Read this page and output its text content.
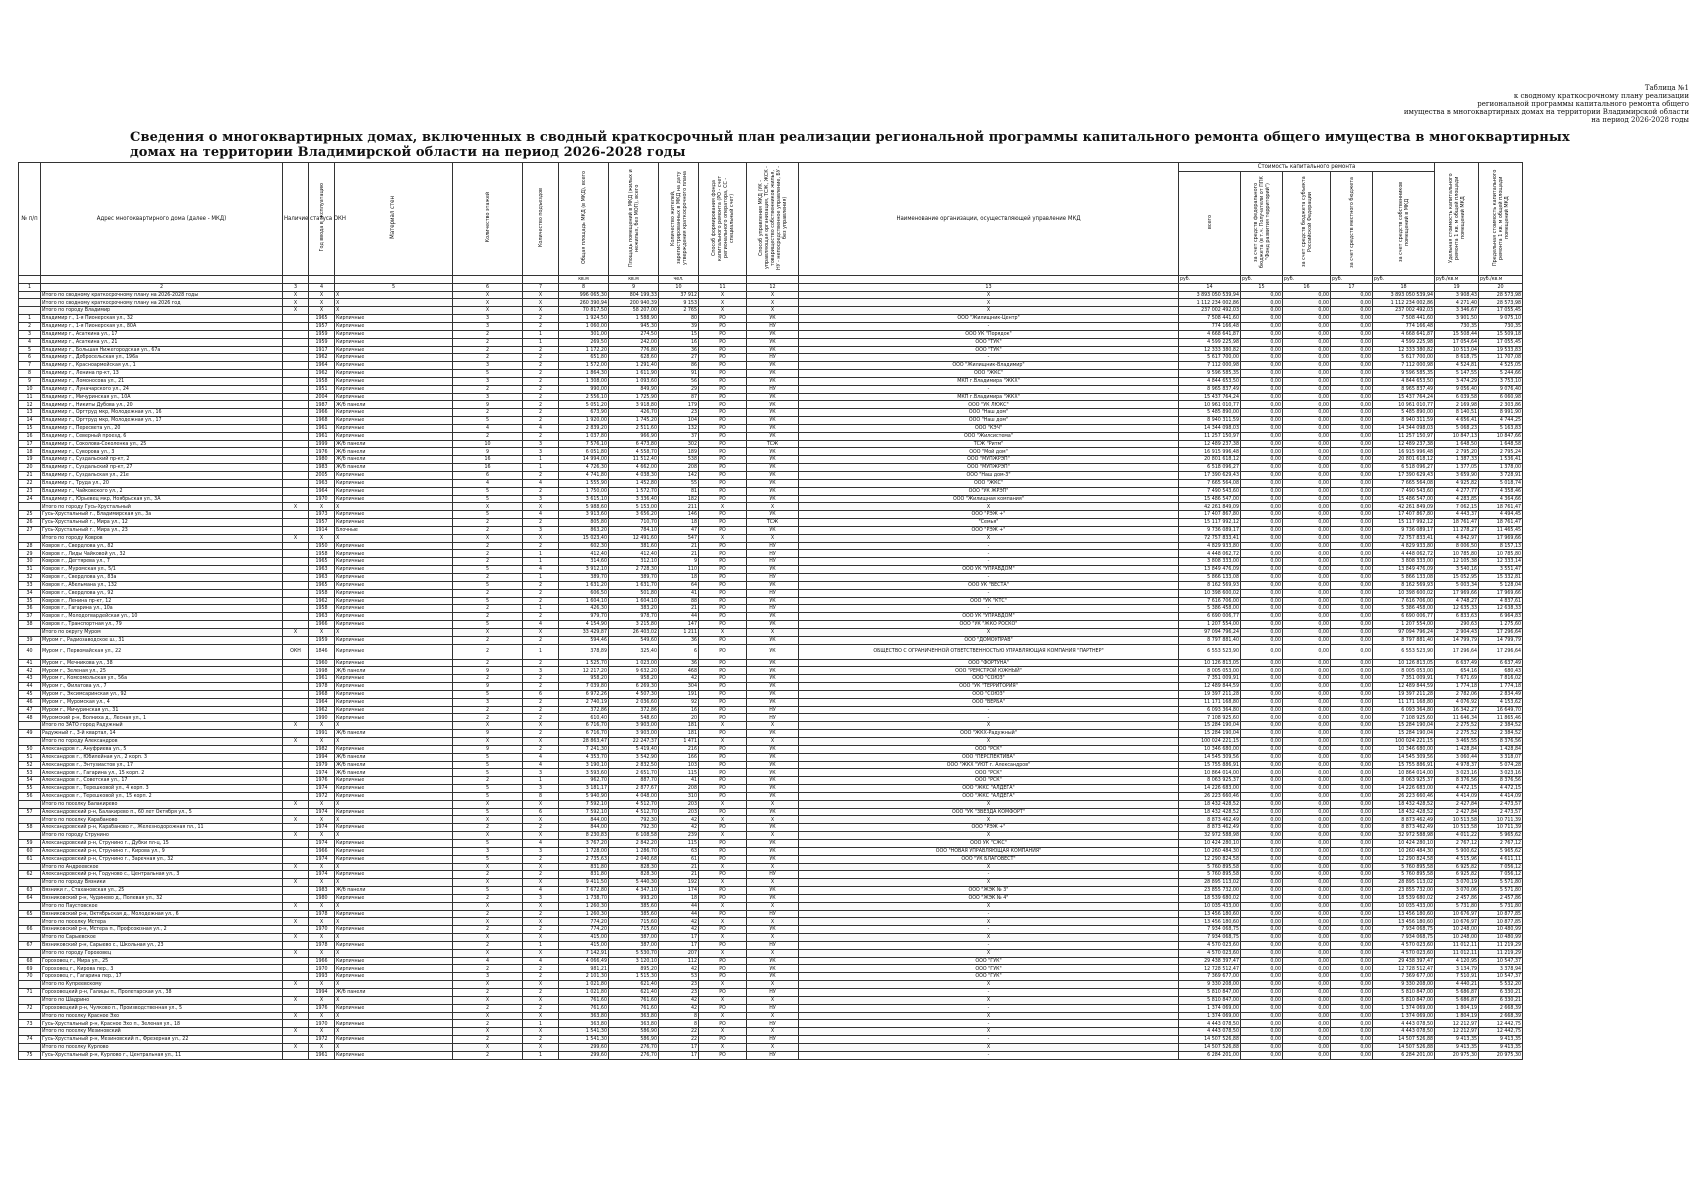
Таблица №1
к сводному краткосрочному плану реализации
региональной программы капитального ремонта общего
имущества в многоквартирных домах на территории Владимирской области
на период 2026-2028 годы
Сведения о многоквартирных домах, включенных в сводный краткосрочный план реализации региональной программы капитального ремонта общего имущества в многоквартирных домах на территории Владимирской области на период 2026-2028 годы
№ п/п	Адрес многоквартирного дома (далее - МКД)	Наличие статуса ОКН	Год ввода в эксплуатацию	Материал стен	Количество этажей	Количество подъездов	Общая площадь МКД (в МКД), всего	Площадь помещений в МКД (жилых и нежилых, без МОП), всего	Количество жителей, зарегистрированных в МКД на дату утверждения краткосрочного плана	Способ формирования фонда капитального ремонта (РО - счет регионального оператора, СС - специальный счет)	Способ управления МКД (УК - управляющая организация, ТСЖ, ЖСК - товарищество собственников жилья, НУ - непосредственное управление, БУ - без управления)	Наименование организации, осуществляющей управление МКД	Стоимость капитального ремонта					Удельная стоимость капитального ремонта 1 кв. м общей площади помещений МКД	Предельная стоимость капитального ремонта 1 кв. м общей площади помещений МКД
													всего	за счет средств федерального бюджета (в т.ч. Получатели от ППК "Фонд развития территорий")	за счет средств бюджета субъекта Российской Федерации	за счет средств местного бюджета	за счет средств собственников помещений в МКД		
							кв.м	кв.м	чел.				руб.	руб.	руб.	руб.	руб.	руб./кв.м	руб./кв.м
1	2	3	4	5	6	7	8	9	10	11	12	13	14	15	16	17	18	19	20
	Итого по сводному краткосрочному плану на 2026-2028 годы	X	X	X	X	X	996 065,30	804 199,33	37 912	X	X	X	3 893 050 539,94	0,00	0,00	0,00	3 893 050 539,94	3 908,43	28 573,98
	Итого по сводному краткосрочному плану на 2026 год	X	X	X	X	X	260 390,94	200 940,39	9 153	X	X	X	1 112 234 002,86	0,00	0,00	0,00	1 112 234 002,86	4 271,40	28 573,98
	Итого по городу Владимир	X	X	X	X	X	70 817,50	58 207,00	2 765	X	X	X	237 002 492,03	0,00	0,00	0,00	237 002 492,03	3 346,67	17 055,45
1	Владимир г., 1-я Пионерская ул., 32		1965	Кирпичные	3	2	1 924,50	1 588,90	80	РО	УК	ООО "Жилищник-Центр"	7 508 441,60	0,00	0,00	0,00	7 508 441,60	3 901,50	9 075,10
2	Владимир г., 1-я Пионерская ул., 80А		1957	Кирпичные	3	2	1 060,00	945,30	39	РО	НУ	-	774 166,48	0,00	0,00	0,00	774 166,48	730,35	730,35
3	Владимир г., Асаткина ул., 17		1959	Кирпичные	2	1	301,00	274,50	15	РО	УК	ООО УК "Порядок"	4 668 641,87	0,00	0,00	0,00	4 668 641,87	15 508,44	15 509,18
4	Владимир г., Асаткина ул., 21		1959	Кирпичные	2	1	269,50	242,00	16	РО	УК	ООО "ТУК"	4 599 225,98	0,00	0,00	0,00	4 599 225,98	17 054,64	17 055,45
5	Владимир г., Большая Нижегородская ул., 67а		1917	Кирпичные	2	2	1 172,20	776,80	36	РО	УК	ООО "ТУК"	12 333 380,82	0,00	0,00	0,00	12 333 380,82	10 513,04	19 533,83
6	Владимир г., Добросельская ул., 196а		1962	Кирпичные	2	2	651,80	628,60	27	РО	НУ	-	5 617 700,00	0,00	0,00	0,00	5 617 700,00	8 618,75	11 707,08
7	Владимир г., Красноармейская ул., 1		1964	Кирпичные	3	2	1 572,00	1 291,40	86	РО	УК	ООО "Жилищник-Владимир"	7 112 000,98	0,00	0,00	0,00	7 112 000,98	4 524,81	4 525,05
8	Владимир г., Ленина пр-кт, 13		1962	Кирпичные	5	2	1 864,30	1 611,90	91	РО	УК	ООО "ЖКС"	9 596 585,35	0,00	0,00	0,00	9 596 585,35	5 147,55	5 244,66
9	Владимир г., Ломоносова ул., 21		1958	Кирпичные	3	2	1 308,00	1 093,60	56	РО	УК	МКП г.Владимира "ЖКХ"	4 844 653,50	0,00	0,00	0,00	4 844 653,50	3 474,29	3 753,10
10	Владимир г., Луначарского ул., 24		1951	Кирпичные	2	2	990,00	849,90	29	РО	НУ	-	8 965 837,49	0,00	0,00	0,00	8 965 837,49	9 056,40	9 076,40
11	Владимир г., Мичуринская ул., 10А		2004	Кирпичные	3	2	2 556,10	1 725,90	87	РО	УК	МКП г.Владимира "ЖКХ"	15 437 764,24	0,00	0,00	0,00	15 437 764,24	6 039,58	6 060,98
12	Владимир г., Никиты Дубова ул., 20		1987	Ж/б панели	9	2	5 051,20	3 918,80	179	РО	УК	ООО "УК ЛЮКС"	10 961 010,77	0,00	0,00	0,00	10 961 010,77	2 169,98	2 303,86
13	Владимир г., Оргтруд мкр, Молодежная ул., 16		1966	Кирпичные	2	2	673,90	426,70	23	РО	УК	ООО "Наш дом"	5 485 890,00	0,00	0,00	0,00	5 485 890,00	8 140,51	8 991,90
14	Владимир г., Оргтруд мкр, Молодежная ул., 17		1968	Кирпичные	5	2	1 920,00	1 745,20	104	РО	УК	ООО "Наш дом"	8 940 311,59	0,00	0,00	0,00	8 940 311,59	4 656,41	4 744,25
15	Владимир г., Пересвета ул., 20		1961	Кирпичные	4	4	2 839,20	2 511,60	132	РО	УК	ООО "КЭЧ"	14 344 098,03	0,00	0,00	0,00	14 344 098,03	5 068,23	5 163,83
16	Владимир г., Северный проезд, 6		1961	Кирпичные	2	2	1 037,80	966,90	37	РО	УК	ООО "Жилсистема"	11 257 150,97	0,00	0,00	0,00	11 257 150,97	10 847,13	10 847,66
17	Владимир г., Соколова-Соколенка ул., 25		1999	Ж/б панели	10	3	7 576,10	6 473,80	302	РО	ТСЖ	ТСЖ "Ритм"	12 489 237,38	0,00	0,00	0,00	12 489 237,38	1 648,50	1 648,58
18	Владимир г., Суворова ул., 3		1976	Ж/б панели	9	3	6 051,80	4 558,70	189	РО	УК	ООО "Мой дом"	16 915 996,48	0,00	0,00	0,00	16 915 996,48	2 795,20	2 795,24
19	Владимир г., Суздальский пр-кт, 2		1980	Ж/б панели	16	1	14 994,00	11 512,40	538	РО	УК	ООО "МУПЖРЭП"	20 801 618,12	0,00	0,00	0,00	20 801 618,12	1 387,33	1 536,41
20	Владимир г., Суздальский пр-кт, 27		1983	Ж/б панели	16	1	4 726,30	4 662,00	208	РО	УК	ООО "МУПЖРЭП"	6 518 096,27	0,00	0,00	0,00	6 518 096,27	1 377,05	1 378,00
21	Владимир г., Суздальская ул., 21е		2005	Кирпичные	6	2	4 741,80	4 038,30	142	РО	УК	ООО "Наш дом-3"	17 390 629,43	0,00	0,00	0,00	17 390 629,43	3 659,90	3 728,91
22	Владимир г., Труда ул., 20		1963	Кирпичные	4	4	1 555,90	1 452,80	55	РО	УК	ООО "ЖКС"	7 665 564,08	0,00	0,00	0,00	7 665 564,08	4 925,82	5 018,74
23	Владимир г., Чайковского ул., 2		1964	Кирпичные	5	2	1 750,00	1 572,70	81	РО	УК	ООО "УК ЖРЭП"	7 490 543,60	0,00	0,00	0,00	7 490 543,60	4 277,77	4 358,46
24	Владимир г., Юрьевец мкр, Ноябрьская ул., 3А		1970	Кирпичные	5	3	3 615,10	3 336,40	182	РО	УК	ООО "Жилищная компания"	15 486 547,00	0,00	0,00	0,00	15 486 547,00	4 283,85	4 364,66
	Итого по городу Гусь-Хрустальный	X	X	X	X	X	5 988,60	5 153,00	211	X	X	X	42 261 849,09	0,00	0,00	0,00	42 261 849,09	7 062,15	18 761,47
25	Гусь-Хрустальный г., Владимирская ул., 3а		1973	Кирпичные	5	4	3 913,60	3 656,20	146	РО	УК	ООО "РЭЖ +"	17 407 867,80	0,00	0,00	0,00	17 407 867,80	4 443,37	4 494,45
26	Гусь-Хрустальный г., Мира ул., 12		1957	Кирпичные	2	2	805,80	710,70	18	РО	ТСЖ	"Семья"	15 117 992,12	0,00	0,00	0,00	15 117 992,12	18 761,47	18 761,47
27	Гусь-Хрустальный г., Мира ул., 23		1914	Блочные	2	3	863,20	784,10	47	РО	УК	ООО "РЭЖ +"	9 736 089,17	0,00	0,00	0,00	9 736 089,17	11 278,27	11 465,45
	Итого по городу Ковров	X	X	X	X	X	15 023,40	12 491,60	547	X	X	X	72 757 833,41	0,00	0,00	0,00	72 757 833,41	4 842,97	17 969,66
28	Ковров г., Свердлова ул., 82		1950	Кирпичные	2	2	602,30	381,60	21	РО	НУ	-	4 829 933,80	0,00	0,00	0,00	4 829 933,80	8 006,50	8 157,13
29	Ковров г., Лиды Чайковой ул., 32		1958	Кирпичные	2	1	412,40	412,40	21	РО	НУ	-	4 448 062,72	0,00	0,00	0,00	4 448 062,72	10 785,80	10 785,80
30	Ковров г., Дегтярева ул., 7		1965	Кирпичные	2	1	314,60	312,10	9	РО	НУ	-	3 808 333,00	0,00	0,00	0,00	3 808 333,00	12 105,38	12 333,14
31	Ковров г., Муромская ул., 5/1		1963	Кирпичные	5	4	3 912,10	2 728,30	110	РО	УК	ООО УК "УПРАВДОМ"	13 849 476,09	0,00	0,00	0,00	13 849 476,09	3 540,16	3 551,47
32	Ковров г., Свердлова ул., 83а		1963	Кирпичные	2	1	389,70	389,70	18	РО	НУ	-	5 866 133,08	0,00	0,00	0,00	5 866 133,08	15 052,95	15 332,81
33	Ковров г., Абельмана ул., 132		1965	Кирпичные	5	2	1 631,20	1 631,70	64	РО	УК	ООО УК "ВЕСТА"	8 162 569,93	0,00	0,00	0,00	8 162 569,93	5 003,34	5 128,04
34	Ковров г., Свердлова ул., 92		1958	Кирпичные	2	2	606,50	501,80	41	РО	НУ	-	10 398 600,02	0,00	0,00	0,00	10 398 600,02	17 969,66	17 969,66
35	Ковров г., Ленина пр-кт, 12		1962	Кирпичные	5	2	1 604,10	1 604,10	88	РО	УК	ООО "УК "КТС"	7 616 706,00	0,00	0,00	0,00	7 616 706,00	4 748,27	4 837,61
36	Ковров г., Гагарина ул., 10а		1958	Кирпичные	2	1	426,30	383,20	21	РО	НУ	-	5 386 458,00	0,00	0,00	0,00	5 386 458,00	12 635,33	12 638,33
37	Ковров г., Молодогвардейская ул., 10		1963	Кирпичные	2	2	979,70	978,70	44	РО	УК	ООО УК "УПРАВДОМ"	6 690 006,77	0,00	0,00	0,00	6 690 006,77	6 833,63	6 964,83
38	Ковров г., Транспортная ул., 79		1966	Кирпичные	5	4	4 154,90	3 215,80	147	РО	УК	ООО "УК "ЖКО РОСКО"	1 207 554,00	0,00	0,00	0,00	1 207 554,00	290,63	1 275,60
	Итого по округу Муром	X	X	X	X	X	33 429,87	26 403,02	1 211	X	X	X	97 094 796,24	0,00	0,00	0,00	97 094 796,24	2 904,43	17 296,64
39	Муром г., Радиозаводское ш., 31		1959	Кирпичные	2	2	594,46	549,60	36	РО	УК	ООО "ДОМОУПРАВ"	8 797 881,40	0,00	0,00	0,00	8 797 881,40	14 799,79	14 799,79
40	Муром г., Первомайская ул., 22	ОКН	1846	Кирпичные	2	1	378,89	325,40	6	РО	УК	ОБЩЕСТВО С ОГРАНИЧЕННОЙ ОТВЕТСТВЕННОСТЬЮ УПРАВЛЯЮЩАЯ КОМПАНИЯ "ПАРТНЕР"	6 553 523,90	0,00	0,00	0,00	6 553 523,90	17 296,64	17 296,64
41	Муром г., Мечникова ул., 38		1960	Кирпичные	2	2	1 525,70	1 023,00	36	РО	УК	ООО "ФОРТУНА"	10 126 813,05	0,00	0,00	0,00	10 126 813,05	6 637,49	6 637,49
42	Муром г., Зеленая ул., 25		1998	Ж/б панели	9	3	12 217,20	9 632,20	468	РО	УК	ООО "РЕМСТРОЙ ЮЖНЫЙ"	8 005 053,00	0,00	0,00	0,00	8 005 053,00	654,16	680,43
43	Муром г., Комсомольская ул., 56а		1961	Кирпичные	2	2	958,20	958,20	42	РО	УК	ООО "СОЮЗ"	7 351 009,91	0,00	0,00	0,00	7 351 009,91	7 671,69	7 816,02
44	Муром г., Филатова ул., 7		1978	Кирпичные	9	2	7 039,80	6 269,30	304	РО	УК	ООО "УК "ТЕРРИТОРИЯ"	12 489 844,59	0,00	0,00	0,00	12 489 844,59	1 774,18	1 774,18
45	Муром г., Эксимсаринская ул., 92		1968	Кирпичные	5	6	6 972,26	4 507,30	191	РО	УК	ООО "СОЮЗ"	19 397 211,28	0,00	0,00	0,00	19 397 211,28	2 782,06	2 834,49
46	Муром г., Муромская ул., 4		1964	Кирпичные	3	2	2 740,19	2 036,60	92	РО	УК	ООО "ВЕРБА"	11 171 168,80	0,00	0,00	0,00	11 171 168,80	4 076,92	4 153,62
47	Муром г., Мичуринская ул., 31		1962	Кирпичные	2	2	372,86	372,86	16	РО	НУ	-	6 093 364,80	0,00	0,00	0,00	6 093 364,80	16 342,27	16 649,70
48	Муромский р-н, Волниха д., Лесная ул., 1		1990	Кирпичные	2	2	610,40	548,60	20	РО	НУ	-	7 108 925,60	0,00	0,00	0,00	7 108 925,60	11 646,34	11 865,46
	Итого по ЗАТО город Радужный	X	X	X	X	X	6 716,70	3 903,00	181	X	X	X	15 284 190,04	0,00	0,00	0,00	15 284 190,04	2 275,52	2 384,52
49	Радужный г., 3-й квартал, 14		1991	Ж/б панели	9	2	6 716,70	3 903,00	181	РО	УК	ООО "ЖКХ-Радужный"	15 284 190,04	0,00	0,00	0,00	15 284 190,04	2 275,52	2 384,52
	Итого по городу Александров	X	X	X	X	X	28 863,47	22 247,37	1 471	X	X	X	100 024 221,15	0,00	0,00	0,00	100 024 221,15	3 465,55	8 376,56
50	Александров г., Ануфриева ул., 5		1982	Кирпичные	9	2	7 241,30	5 419,40	216	РО	УК	ООО "РСК"	10 346 680,00	0,00	0,00	0,00	10 346 680,00	1 428,84	1 428,84
51	Александров г., Юбилейная ул., 2 корп. 3		1994	Ж/б панели	5	4	4 353,70	3 542,90	166	РО	УК	ООО "ПЕРСПЕКТИВА"	14 545 309,56	0,00	0,00	0,00	14 545 309,56	3 060,44	3 318,07
52	Александров г., Энтузиастов ул., 17		1979	Ж/б панели	5	4	3 190,10	2 832,50	103	РО	УК	ООО "ЖКХ "УЮТ г. Александров"	15 755 886,91	0,00	0,00	0,00	15 755 886,91	4 978,37	5 074,28
53	Александров г., Гагарина ул., 15 корп. 2		1974	Ж/б панели	5	3	3 593,60	2 651,70	115	РО	УК	ООО "РСК"	10 864 014,00	0,00	0,00	0,00	10 864 014,00	3 023,16	3 023,16
54	Александров г., Советская ул., 17		1976	Кирпичные	2	1	962,70	887,70	41	РО	УК	ООО "РСК"	8 063 925,37	0,00	0,00	0,00	8 063 925,37	8 376,56	8 376,56
55	Александров г., Терешковой ул., 4 корп. 3		1974	Кирпичные	5	3	3 181,17	2 877,67	208	РО	УК	ООО "ЖКС "АЛДЕГА"	14 226 683,00	0,00	0,00	0,00	14 226 683,00	4 472,15	4 472,15
56	Александров г., Терешковой ул., 15 корп. 2		1972	Кирпичные	5	8	5 940,90	4 048,00	310	РО	УК	ООО "ЖКС "АЛДЕГА"	26 223 660,46	0,00	0,00	0,00	26 223 660,46	4 414,09	4 414,09
	Итого по поселку Балакирево	X	X	X	X	X	7 592,10	4 512,70	203	X	X	X	18 432 428,52	0,00	0,00	0,00	18 432 428,52	2 427,84	2 473,57
57	Александровский р-н, Балакирево п., 60 лет Октября ул., 5		1974	Кирпичные	5	6	7 592,10	4 512,70	203	РО	УК	ООО "УК "ЗВЕЗДА КОМФОРТ"	18 432 428,52	0,00	0,00	0,00	18 432 428,52	2 427,84	2 473,57
	Итого по поселку Карабаново	X	X	X	X	X	844,00	792,30	42	X	X	X	8 873 462,49	0,00	0,00	0,00	8 873 462,49	10 513,58	10 711,39
58	Александровский р-н, Карабаново г., Железнодорожная пл., 11		1974	Кирпичные	2	2	844,00	792,30	42	РО	УК	ООО "РЭЖ +"	8 873 462,49	0,00	0,00	0,00	8 873 462,49	10 513,58	10 711,39
	Итого по городу Струнино	X	X	X	X	X	8 230,83	6 108,58	239	X	X	X	32 972 588,98	0,00	0,00	0,00	32 972 588,98	4 011,22	5 965,62
59	Александровский р-н, Струнино г., Дубки пл-ц, 15		1974	Кирпичные	5	4	3 767,20	2 842,20	115	РО	УК	ООО УК "СЖС"	10 424 280,10	0,00	0,00	0,00	10 424 280,10	2 767,12	2 767,12
60	Александровский р-н, Струнино г., Кирова ул., 9		1966	Кирпичные	3	3	1 728,00	1 286,70	63	РО	УК	ООО "НОВАЯ УПРАВЛЯЮЩАЯ КОМПАНИЯ"	10 260 484,30	0,00	0,00	0,00	10 260 484,30	5 900,62	5 965,62
61	Александровский р-н, Струнино г., Заречная ул., 32		1974	Кирпичные	5	2	2 735,63	2 040,68	61	РО	УК	ООО "УК БЛАГОВЕСТ"	12 290 824,58	0,00	0,00	0,00	12 290 824,58	4 515,96	4 611,11
	Итого по Андреевское	X	X	X	X	X	831,80	828,30	21	X	X	X	5 760 895,58	0,00	0,00	0,00	5 760 895,58	6 925,82	7 056,12
62	Александровский р-н, Годуново с., Центральная ул., 3		1974	Кирпичные	2	2	831,80	828,30	21	РО	НУ	-	5 760 895,58	0,00	0,00	0,00	5 760 895,58	6 925,82	7 056,12
	Итого по городу Вязники	X	X	X	X	X	9 411,50	5 440,30	192	X	X	X	28 895 113,02	0,00	0,00	0,00	28 895 113,02	3 070,19	5 571,80
63	Вязники г., Стахановская ул., 25		1983	Ж/б панели	5	4	7 672,80	4 347,10	174	РО	УК	ООО "ЖЭК № 3"	23 855 732,00	0,00	0,00	0,00	23 855 732,00	3 070,06	5 571,80
64	Вязниковский р-н, Чудинево д., Полевая ул., 32		1980	Кирпичные	2	3	1 738,70	993,20	18	РО	УК	ООО "ЖЭК № 4"	18 539 680,02	0,00	0,00	0,00	18 539 680,02	2 457,86	2 457,86
	Итого по Паустовское	X	X	X	X	X	1 260,30	385,60	44	X	X	X	10 035 433,00	0,00	0,00	0,00	10 035 433,00	5 731,80	5 731,80
65	Вязниковский р-н, Октябрьская д., Молодежная ул., 6		1978	Кирпичные	2	2	1 260,30	385,60	44	РО	НУ	-	13 456 180,60	0,00	0,00	0,00	13 456 180,60	10 676,97	10 877,85
	Итого по поселку Мстера	X	X	X	X	X	774,20	715,60	42	X	X	X	13 456 180,60	0,00	0,00	0,00	13 456 180,60	10 676,97	10 877,85
66	Вязниковский р-н, Мстера п., Профсоюзная ул., 2		1970	Кирпичные	2	2	774,20	715,60	42	РО	УК	-	7 934 068,75	0,00	0,00	0,00	7 934 068,75	10 248,00	10 480,99
	Итого по Сарыевское	X	X	X	X	X	415,00	387,00	17	X	X	X	7 934 068,75	0,00	0,00	0,00	7 934 068,75	10 248,00	10 480,99
67	Вязниковский р-н, Сарыево с., Школьная ул., 23		1978	Кирпичные	2	1	415,00	387,00	17	РО	НУ	-	4 570 023,60	0,00	0,00	0,00	4 570 023,60	11 012,11	11 219,29
	Итого по городу Гороховец	X	X	X	X	X	7 142,91	5 530,70	207	X	X	X	4 570 023,60	0,00	0,00	0,00	4 570 023,60	11 012,11	11 219,29
68	Гороховец г., Мира ул., 25		1966	Кирпичные	4	4	4 066,49	3 120,10	112	РО	УК	ООО "ГУК"	29 438 397,47	0,00	0,00	0,00	29 438 397,47	4 120,95	10 547,37
69	Гороховец г., Кирова пер., 3		1970	Кирпичные	2	2	981,21	895,20	42	РО	УК	ООО "ГУК"	12 728 512,47	0,00	0,00	0,00	12 728 512,47	3 134,79	3 378,94
70	Гороховец г., Гагарина пер., 17		1993	Кирпичные	3	2	2 101,30	1 515,30	53	РО	УК	ООО "ГУК"	7 369 677,00	0,00	0,00	0,00	7 369 677,00	7 510,91	10 547,37
	Итого по Купреевскому	X	X	X	X	X	1 021,80	621,40	23	X	X	X	9 330 208,00	0,00	0,00	0,00	9 330 208,00	4 440,21	5 532,20
71	Гороховецкий р-н, Галицы п., Пролетарская ул., 38		1994	Ж/б панели	2	2	1 021,80	621,40	23	РО	НУ	-	5 810 847,00	0,00	0,00	0,00	5 810 847,00	5 686,87	6 330,21
	Итого по Шадрино	X	X	X	X	X	761,60	761,60	42	X	X	X	5 810 847,00	0,00	0,00	0,00	5 810 847,00	5 686,87	6 330,21
72	Гороховецкий р-н, Чулково п., Производственная ул., 5		1976	Кирпичные	2	2	761,60	761,60	42	РО	НУ	-	1 374 069,00	0,00	0,00	0,00	1 374 069,00	1 804,19	2 668,39
	Итого по поселку Красное Эхо	X	X	X	X	X	363,80	363,80	8	X	X	X	1 374 069,00	0,00	0,00	0,00	1 374 069,00	1 804,19	2 668,39
73	Гусь-Хрустальный р-н, Красное Эхо п., Зеленая ул., 18		1970	Кирпичные	2	1	363,80	363,80	8	РО	НУ	-	4 443 078,50	0,00	0,00	0,00	4 443 078,50	12 212,97	12 442,75
	Итого по поселку Мезиновский	X	X	X	X	X	1 541,30	586,90	22	X	X	X	4 443 078,50	0,00	0,00	0,00	4 443 078,50	12 212,97	12 442,75
74	Гусь-Хрустальный р-н, Мезиновский п., Фрезерная ул., 22		1972	Кирпичные	2	2	1 541,30	586,90	22	РО	НУ	-	14 507 526,88	0,00	0,00	0,00	14 507 526,88	9 413,35	9 413,35
	Итого по поселку Курлово	X	X	X	X	X	299,60	276,70	17	X	X	X	14 507 526,88	0,00	0,00	0,00	14 507 526,88	9 413,35	9 413,35
75	Гусь-Хрустальный р-н, Курлово г., Центральная ул., 11		1961	Кирпичные	2	1	299,60	276,70	17	РО	НУ	-	6 284 201,00	0,00	0,00	0,00	6 284 201,00	20 975,30	20 975,30
